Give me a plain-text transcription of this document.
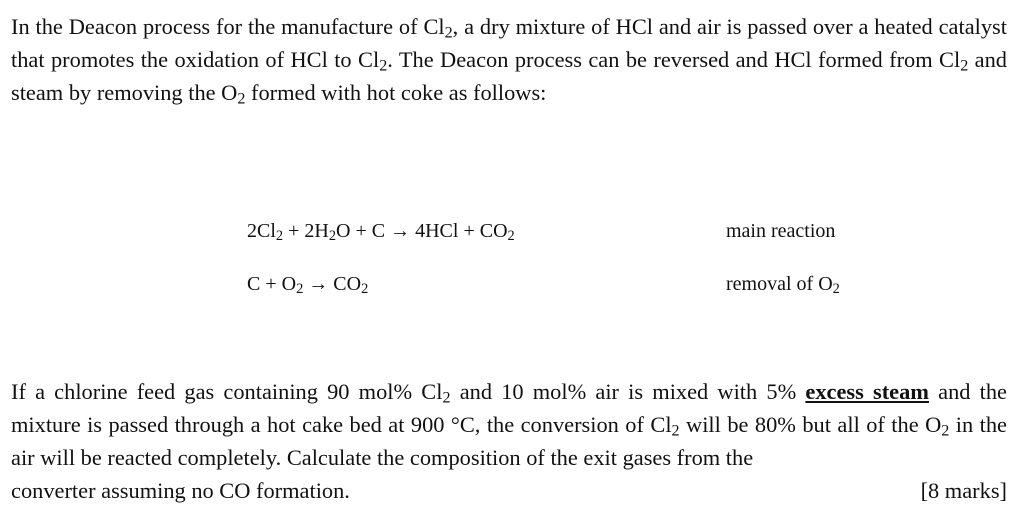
In the Deacon process for the manufacture of $Cl_2$, a dry mixture of HCl and air is passed over a heated catalyst that promotes the oxidation of HCl to $Cl_2$. The Deacon process can be reversed and HCl formed from $Cl_2$ and steam by removing the $O_2$ formed with hot coke as follows:

$2Cl_2 + 2H_2O + C \to 4HCl + CO_2$	main reaction
$C + O_2 \to CO_2$	removal of $O_2$
If a chlorine feed gas containing 90 mol% $Cl_2$ and 10 mol% air is mixed with 5% excess steam and the mixture is passed through a hot cake bed at 900 °C, the conversion of $Cl_2$ will be 80% but all of the $O_2$ in the air will be reacted completely. Calculate the composition of the exit gases from the
converter assuming no CO formation.	[8 marks]
